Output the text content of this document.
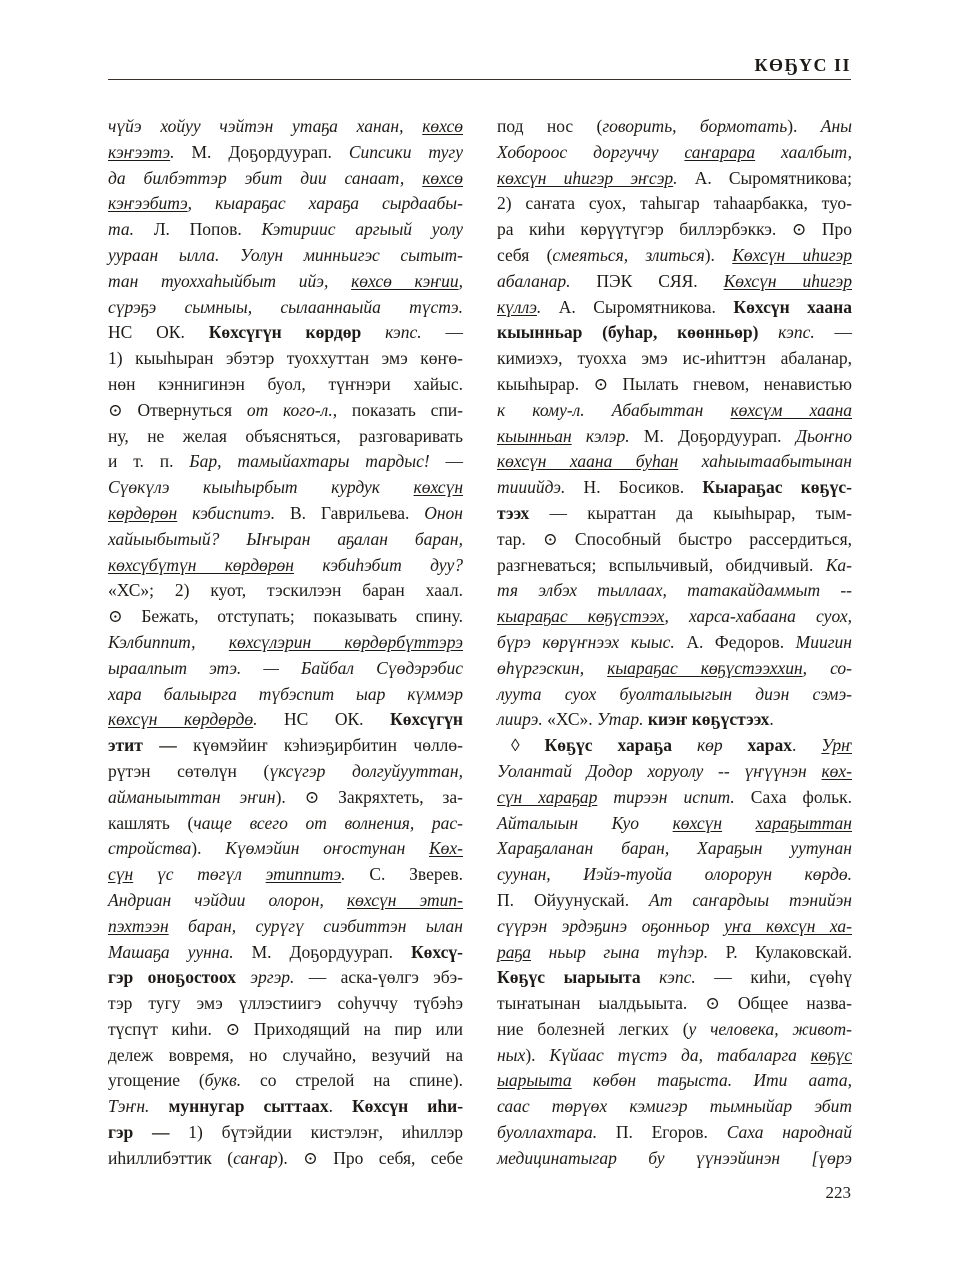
КӨҔҮС II
чүйэ хойуу чэйтэн утаҕа ханан, көхсө
кэҥээтэ. М. Доҕордуурап. Сипсики тугу
да билбэттэр эбит дии санаат, көхсө
кэҥээбитэ, кыараҕас хараҕа сырдаабы-
та. Л. Попов. Кэтириис аргыый уолу
уураан ылла. Уолун минньигэс сытыт-
тан туоххаһыйбыт ийэ, көхсө кэҥии,
сүрэҕэ сымныы, сылааннаыйа түстэ.
НС ОК. Көхсүгүн көрдөр кэпс. —
1) кыыһыран эбэтэр туоххуттан эмэ көҥө-
нөн кэннигинэн буол, түҥнэри хайыс.
⊙ Отвернуться от кого-л., показать спи-
ну, не желая объясняться, разговаривать
и т. п. Бар, тамыйахтары тардыс! —
Сүөкүлэ кыыһырбыт курдук көхсүн
көрдөрөн кэбиспитэ. В. Гаврильева. Онон
хайыыбытый? Ыҥыран аҕалан баран,
көхсүбүтүн көрдөрөн кэбиһэбит дуу?
«ХС»; 2) куот, тэскилээн баран хаал.
⊙ Бежать, отступать; показывать спину.
Кэлбиппит, көхсүлэрин көрдөрбүттэрэ
ыраалпыт этэ. — Байбал Сүөдэрэбис
хара балыырга түбэспит ыар күммэр
көхсүн көрдөрдө. НС ОК. Көхсүгүн
этит — күөмэйиҥ кэһиэҕирбитин чөллө-
рүтэн сөтөлүн (үксүгэр долгуйууттан,
айманыыттан эҥин). ⊙ Закряхтеть, за-
кашлять (чаще всего от волнения, рас-
стройства). Күөмэйин оҥостунан Көх-
сүн үс төгүл этиппитэ. С. Зверев.
Андриан чэйдии олорон, көхсүн этип-
пэхтээн баран, сурүгү сиэбиттэн ылан
Машаҕа уунна. М. Доҕордуурап. Көхсү-
гэр оноҕостоох эргэр. — аска-үөлгэ эбэ-
тэр тугу эмэ үллэстиигэ соһуччу түбэһэ
түспүт киһи. ⊙ Приходящий на пир или
дележ вовремя, но случайно, везучий на
угощение (букв. со стрелой на спине).
Тэҥн. муннугар сыттаах. Көхсүн иһи-
гэр — 1) бүтэйдии кистэлэҥ, иһиллэр
иһиллибэттик (саҥар). ⊙ Про себя, себе
под нос (говорить, бормотать). Аны
Хобороос доргуччу саҥарара хаалбыт,
көхсүн иһигэр эҥсэр. А. Сыромятникова;
2) саҥата суох, таһыгар таһаарбакка, туо-
ра киһи көрүүтүгэр биллэрбэккэ. ⊙ Про
себя (смеяться, злиться). Көхсүн иһигэр
абаланар. ПЭК СЯЯ. Көхсүн иһигэр
күллэ. А. Сыромятникова. Көхсүн хаана
кыынньар (буһар, көөнньөр) кэпс. —
кимиэхэ, туохха эмэ ис-иһиттэн абаланар,
кыыһырар. ⊙ Пылать гневом, ненавистью
к кому-л. Абабыттан көхсүм хаана
кыынньан кэлэр. М. Доҕордуурап. Дьоҥно
көхсүн хаана буһан хаһыытаабытынан
тииийдэ. Н. Босиков. Кыараҕас көҕүс-
тээх — кыраттан да кыыһырар, тым-
тар. ⊙ Способный быстро рассердиться,
разгневаться; вспыльчивый, обидчивый. Ка-
тя элбэх тыллаах, татакайдаммыт --
кыараҕас көҕүстээх, харса-хабаана суох,
бүрэ көрүҥнээх кыыс. А. Федоров. Миигин
өһүргэскин, кыараҕас көҕүстээххин, со-
луута суох буолталыыгын диэн сэмэ-
лиирэ. «ХС». Утар. киэҥ көҕүстээх.
◊ Көҕүс хараҕа көр харах. Урҥ
Уолантай Додор хоруолу -- үҥүүнэн көх-
сүн хараҕар тирээн испит. Саха фольк.
Айталыын Куо көхсүн хараҕыттан
Хараҕаланан баран, Хараҕын уутунан
суунан, Иэйэ-туойа олорорун көрдө.
П. Ойуунускай. Ат саҥардыы тэнийэн
сүүрэн эрдэҕинэ оҕонньор уҥа көхсүн ха-
раҕа ньыр гына түһэр. Р. Кулаковскай.
Көҕүс ыарыыта кэпс. — киһи, сүөһү
тыҥатынан ыалдьыыта. ⊙ Общее назва-
ние болезней легких (у человека, живот-
ных). Күйаас түстэ да, табаларга көҕүс
ыарыыта көбөн таҕыста. Ити аата,
саас төрүөх кэмигэр тымныйар эбит
буоллахтара. П. Егоров. Саха народнай
медицинатыгар бу үүнээйинэн [үөрэ
223
